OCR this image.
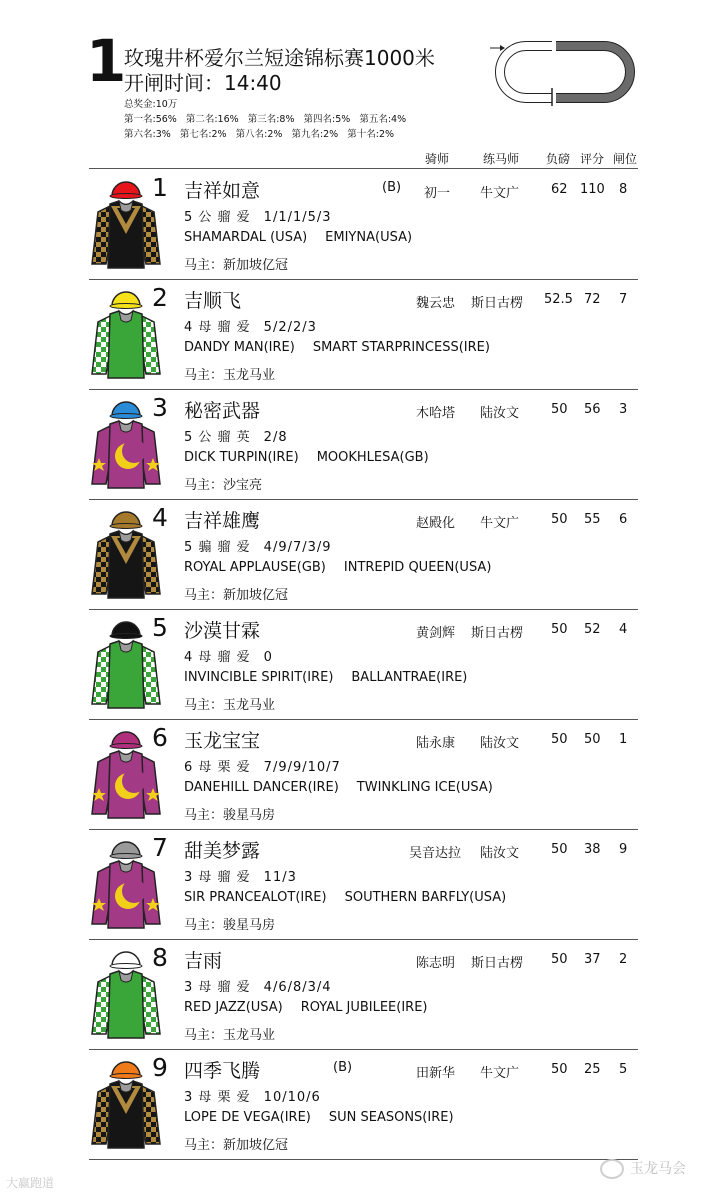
1
玫瑰井杯爱尔兰短途锦标赛1000米
开闸时间：14:40
总奖金:10万
第一名:56% 第二名:16% 第三名:8% 第四名:5% 第五名:4%
第六名:3% 第七名:2% 第八名:2% 第九名:2% 第十名:2%
骑师	练马师 负磅 评分 闸位
1 吉祥如意	(B) 初一 牛文广 62 110 8
5 公 骝 爱 1/1/1/5/3
SHAMARDAL (USA) EMIYNA(USA)
马主：新加坡亿冠
2 吉顺飞	魏云忠 斯日古楞 52.5 72 7
4 母 骝 爱 5/2/2/3
DANDY MAN(IRE) SMART STARPRINCESS(IRE)
马主：玉龙马业
3 秘密武器	木哈塔 陆汝文 50 56 3
5 公 骝 英 2/8
DICK TURPIN(IRE) MOOKHLESA(GB)
马主：沙宝亮
4 吉祥雄鹰	赵殿化 牛文广 50 55 6
5 骟 骝 爱 4/9/7/3/9
ROYAL APPLAUSE(GB) INTREPID QUEEN(USA)
马主：新加坡亿冠
5 沙漠甘霖	黄剑辉 斯日古楞 50 52 4
4 母 骝 爱 0
INVINCIBLE SPIRIT(IRE) BALLANTRAE(IRE)
马主：玉龙马业
6 玉龙宝宝	陆永康 陆汝文 50 50 1
6 母 栗 爱 7/9/9/10/7
DANEHILL DANCER(IRE) TWINKLING ICE(USA)
马主：骏星马房
7 甜美梦露	吴音达拉 陆汝文 50 38 9
3 母 骝 爱 11/3
SIR PRANCEALOT(IRE) SOUTHERN BARFLY(USA)
马主：骏星马房
8 吉雨	陈志明 斯日古楞 50 37 2
3 母 骝 爱 4/6/8/3/4
RED JAZZ(USA) ROYAL JUBILEE(IRE)
马主：玉龙马业
9 四季飞腾	(B)	田新华 牛文广 50 25 5
3 母 栗 爱 10/10/6
LOPE DE VEGA(IRE) SUN SEASONS(IRE)
马主：新加坡亿冠
大赢跑道
玉龙马会
